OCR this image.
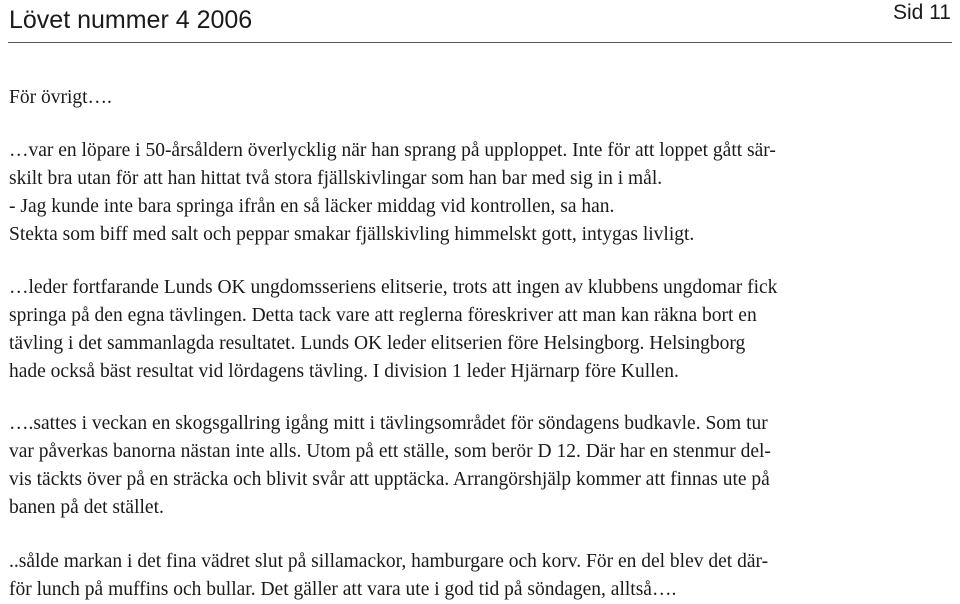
Lövet nummer 4 2006	Sid 11
För övrigt….
…var en löpare i 50-årsåldern överlycklig när han sprang på upploppet. Inte för att loppet gått sär-
skilt bra utan för att han hittat två stora fjällskivlingar som han bar med sig in i mål.
- Jag kunde inte bara springa ifrån en så läcker middag vid kontrollen, sa han.
Stekta som biff med salt och peppar smakar fjällskivling himmelskt gott, intygas livligt.
…leder fortfarande Lunds OK ungdomsseriens elitserie, trots att ingen av klubbens ungdomar fick
springa på den egna tävlingen. Detta tack vare att reglerna föreskriver att man kan räkna bort en
tävling i det sammanlagda resultatet. Lunds OK leder elitserien före Helsingborg. Helsingborg
hade också bäst resultat vid lördagens tävling. I division 1 leder Hjärnarp före Kullen.
….sattes i veckan en skogsgallring igång mitt i tävlingsområdet för söndagens budkavle. Som tur
var påverkas banorna nästan inte alls. Utom på ett ställe, som berör D 12. Där har en stenmur del-
vis täckts över på en sträcka och blivit svår att upptäcka. Arrangörshjälp kommer att finnas ute på
banen på det stället.
..sålde markan i det fina vädret slut på sillamackor, hamburgare och korv. För en del blev det där-
för lunch på muffins och bullar. Det gäller att vara ute i god tid på söndagen, alltså….
